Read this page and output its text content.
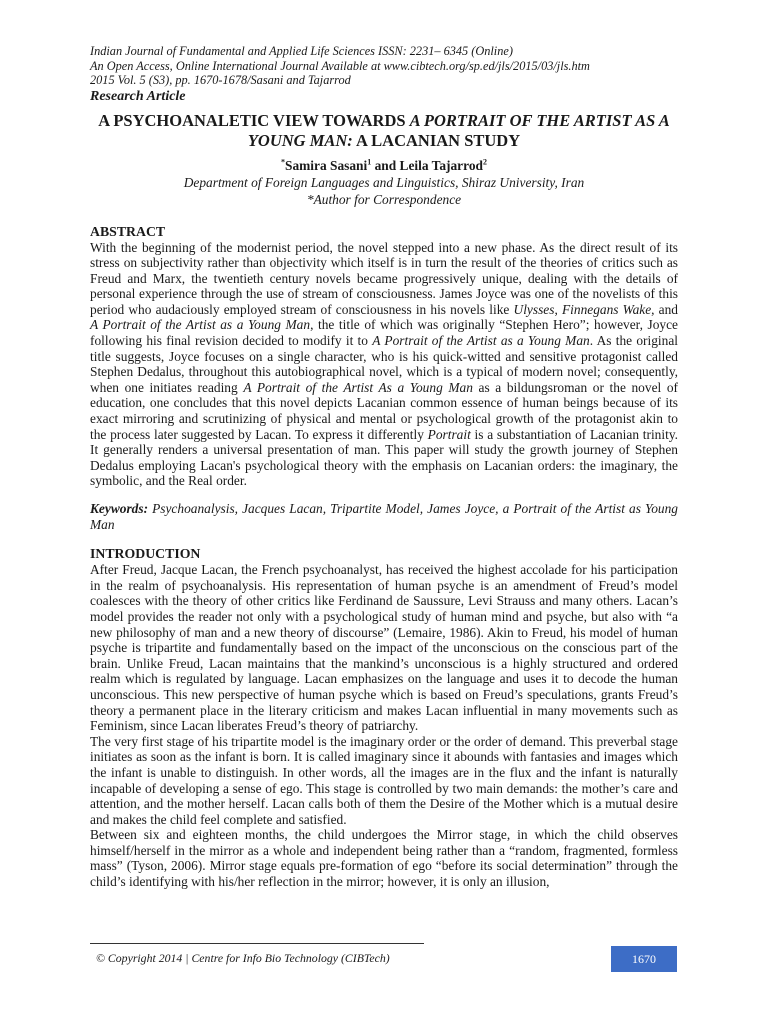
Indian Journal of Fundamental and Applied Life Sciences ISSN: 2231– 6345 (Online)
An Open Access, Online International Journal Available at www.cibtech.org/sp.ed/jls/2015/03/jls.htm
2015 Vol. 5 (S3), pp. 1670-1678/Sasani and Tajarrod
Research Article
A PSYCHOANALETIC VIEW TOWARDS A PORTRAIT OF THE ARTIST AS A YOUNG MAN: A LACANIAN STUDY
*Samira Sasani$^1$ and Leila Tajarrod$^2$
Department of Foreign Languages and Linguistics, Shiraz University, Iran
*Author for Correspondence
ABSTRACT

With the beginning of the modernist period, the novel stepped into a new phase. As the direct result of its stress on subjectivity rather than objectivity which itself is in turn the result of the theories of critics such as Freud and Marx, the twentieth century novels became progressively unique, dealing with the details of personal experience through the use of stream of consciousness. James Joyce was one of the novelists of this period who audaciously employed stream of consciousness in his novels like Ulysses, Finnegans Wake, and A Portrait of the Artist as a Young Man, the title of which was originally “Stephen Hero”; however, Joyce following his final revision decided to modify it to A Portrait of the Artist as a Young Man. As the original title suggests, Joyce focuses on a single character, who is his quick-witted and sensitive protagonist called Stephen Dedalus, throughout this autobiographical novel, which is a typical of modern novel; consequently, when one initiates reading A Portrait of the Artist As a Young Man as a bildungsroman or the novel of education, one concludes that this novel depicts Lacanian common essence of human beings because of its exact mirroring and scrutinizing of physical and mental or psychological growth of the protagonist akin to the process later suggested by Lacan. To express it differently Portrait is a substantiation of Lacanian trinity. It generally renders a universal presentation of man. This paper will study the growth journey of Stephen Dedalus employing Lacan's psychological theory with the emphasis on Lacanian orders: the imaginary, the symbolic, and the Real order.

Keywords: Psychoanalysis, Jacques Lacan, Tripartite Model, James Joyce, a Portrait of the Artist as Young Man

INTRODUCTION

After Freud, Jacque Lacan, the French psychoanalyst, has received the highest accolade for his participation in the realm of psychoanalysis. His representation of human psyche is an amendment of Freud’s model coalesces with the theory of other critics like Ferdinand de Saussure, Levi Strauss and many others. Lacan’s model provides the reader not only with a psychological study of human mind and psyche, but also with “a new philosophy of man and a new theory of discourse” (Lemaire, 1986). Akin to Freud, his model of human psyche is tripartite and fundamentally based on the impact of the unconscious on the conscious part of the brain. Unlike Freud, Lacan maintains that the mankind’s unconscious is a highly structured and ordered realm which is regulated by language. Lacan emphasizes on the language and uses it to decode the human unconscious. This new perspective of human psyche which is based on Freud’s speculations, grants Freud’s theory a permanent place in the literary criticism and makes Lacan influential in many movements such as Feminism, since Lacan liberates Freud’s theory of patriarchy.

The very first stage of his tripartite model is the imaginary order or the order of demand. This preverbal stage initiates as soon as the infant is born. It is called imaginary since it abounds with fantasies and images which the infant is unable to distinguish. In other words, all the images are in the flux and the infant is naturally incapable of developing a sense of ego. This stage is controlled by two main demands: the mother’s care and attention, and the mother herself. Lacan calls both of them the Desire of the Mother which is a mutual desire and makes the child feel complete and satisfied.

Between six and eighteen months, the child undergoes the Mirror stage, in which the child observes himself/herself in the mirror as a whole and independent being rather than a “random, fragmented, formless mass” (Tyson, 2006). Mirror stage equals pre-formation of ego “before its social determination” through the child’s identifying with his/her reflection in the mirror; however, it is only an illusion,

© Copyright 2014 | Centre for Info Bio Technology (CIBTech)	1670
